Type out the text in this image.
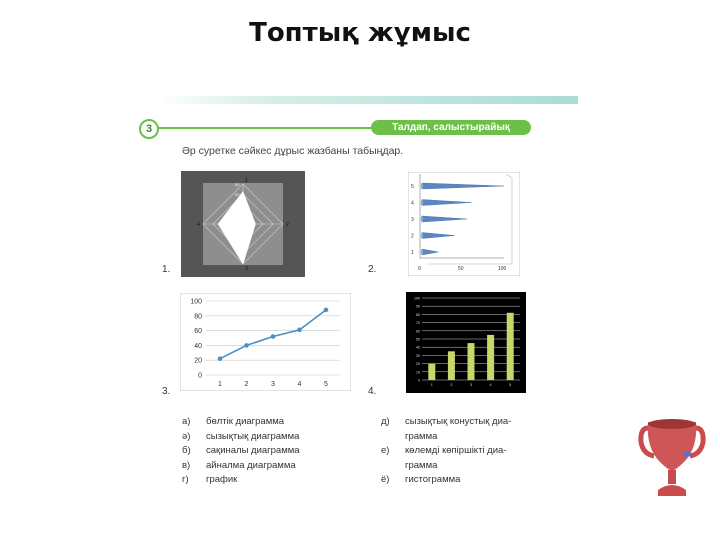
Топтық жұмыс
3	Талдап, салыстырайық
Әр суретке сәйкес дұрыс жазбаны табыңдар.
80
60
1
2
3
4
1.
1
2
3
4
5
0	50	100
2.
100
80
60
40
20
0
1	2	3	4	5
3.
100
90
80
70
60
50
40
30
20
10
0
1	2	3	4	5
4.
а)	бөлтік диаграмма
ә)	сызықтық диаграмма
б)	сақиналы диаграмма
в)	айналма диаграмма
г)	график
д)	сызықтық конустық диа-
грамма
е)	көлемді көпіршікті диа-
грамма
ё)	гистограмма
